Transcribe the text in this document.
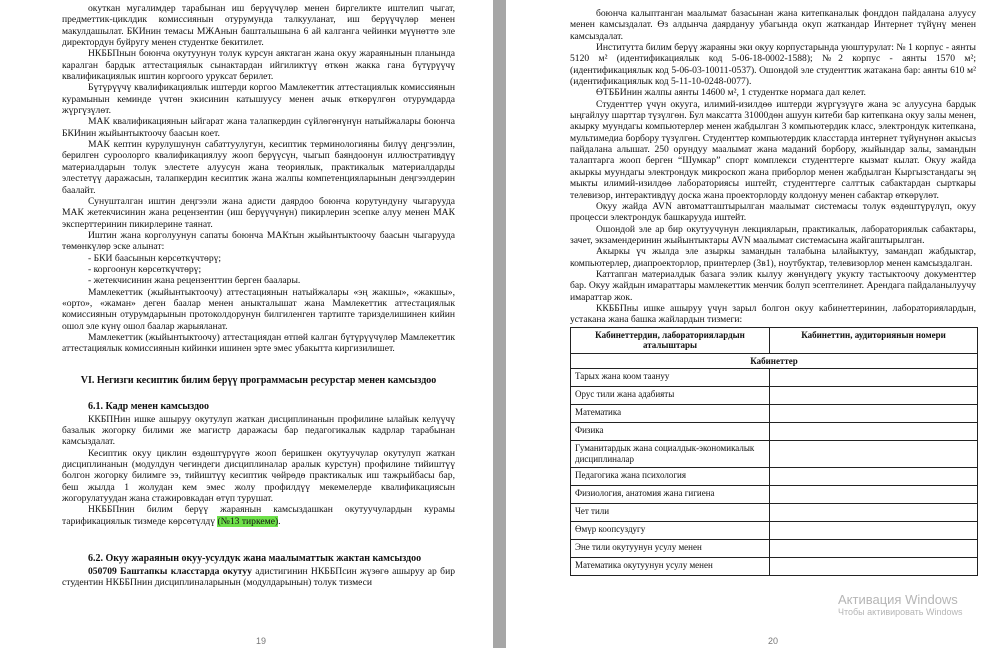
окуткан мугалимдер тарабынан иш берүүчүлөр менен биргеликте иштелип чыгат, предметтик-циклдик комиссиянын отурумунда талкууланат, иш берүүчүлөр менен макулдашылат. БКИнин темасы МЖАнын башталышына 6 ай калганга чейинки мүүнөттө эле директордун буйругу менен студентке бекитилет.

НКББПнын боюнча окутуунун толук курсун аяктаган жана окуу жараянынын планында каралган бардык аттестациялык сынактардан ийгиликтүү өткөн жакка гана бүтүрүүчү квалификациялык иштин коргоого уруксат берилет.

Бүтүрүүчү квалификациялык иштерди коргоо Мамлекеттик аттестациялык комиссиянын курамынын кеминде үчтөн экисинин катышуусу менен ачык өткөрүлгөн отурумдарда жүргүзүлөт.

МАК квалификациянын ыйгарат жана талапкердин сүйлөгөнүнүн натыйжалары боюнча БКИнин жыйынтыктоочу баасын коет.

МАК кептин курулушунун сабаттуулугун, кесиптик терминологияны билүү деңгээлин, берилген суроолорго квалификациялуу жооп берүүсүн, чыгып баяндоонун иллюстративдүү материалдарын толук элестете алуусун жана теориялык, практикалык материалдарды элестетүү даражасын, талапкердин кесиптик жана жалпы компетенцияларынын деңгээлдерин баалайт.

Сунушталган иштин деңгээли жана адисти даярдоо боюнча корутундуну чыгарууда МАК жетекчисинин жана рецензентин (иш берүүчүнүн) пикирлерин эсепке алуу менен МАК эксперттеринин пикирлерине таянат.

Иштин жана корголуунун сапаты боюнча МАКтын жыйынтыктоочу баасын чыгарууда төмөнкүлөр эске алынат:

- БКИ баасынын көрсөткүчтөрү;
- коргоонун көрсөткүчтөрү;
- жетекчисинин жана рецензенттин берген баалары.

Мамлекеттик (жыйынтыктоочу) аттестациянын натыйжалары «эң жакшы», «жакшы», «орто», «жаман» деген баалар менен аныкталышат жана Мамлекеттик аттестациялык комиссиянын отурумдарынын протоколдорунун билгиленген тартипте таризделишинен кийин ошол эле күнү ошол баалар жарыяланат.

Мамлекеттик (жыйынтыктоочу) аттестациядан өтпөй калган бүтүрүүчүлөр Мамлекеттик аттестациялык комиссиянын кийинки ишинен эрте эмес убакытта киргизилишет.

VI. Негизги кесиптик билим берүү программасын ресурстар менен камсыздоо
6.1. Кадр менен камсыздоо

ККБПНин ишке ашыруу окутулуп жаткан дисциплинанын профилине ылайык келүүчү базалык жогорку билими же магистр даражасы бар педагогикалык кадрлар тарабынан камсыздалат.

Кесиптик окуу циклин өздөштүрүүгө жооп беришкен окутуучулар окутулуп жаткан дисциплинанын (модулдун чегиндеги дисциплиналар аралык курстун) профилине тийиштүү болгон жогорку билимге ээ, тийиштүү кесиптик чөйрөдө практикалык иш тажрыйбасы бар, беш жылда 1 жолудан кем эмес жолу профилдүү мекемелерде квалификациясын жогорулатуудан жана стажировкадан өтүп турушат.

НКББПнин билим берүү жараянын камсыздашкан окутуучулардын курамы тарификациялык тизмеде көрсөтүлдү (№13 тиркеме).

6.2. Окуу жараянын окуу-усулдук жана маалыматтык жактан камсыздоо

050709 Баштапкы класстарда окутуу адистигинин НКББПсин жүзөгө ашыруу ар бир студентин НКББПнин дисциплиналарынын (модулдарынын) толук тизмеси

19

боюнча калыптанган маалымат базасынан жана китепканалык фонддон пайдалана алуусу менен камсыздалат. Өз алдынча даярдануу убагында окуп жаткандар Интернет түйүнү менен камсыздалат.

Институтта билим берүү жараяны эки окуу корпустарында уюштурулат: № 1 корпус - аянты 5120 м² (идентификациялык код 5-06-18-0002-1588); №2 корпус - аянты 1570 м²; (идентификациялык код 5-06-03-10011-0537). Ошондой эле студенттик жатакана бар: аянты 610 м² (идентификациялык код 5-11-10-0248-0077).

ӨТББИнин жалпы аянты 14600 м², 1 студентке нормага дал келет.

Студенттер үчүн окууга, илимий-изилдөө иштерди жүргүзүүгө жана эс алуусуна бардык ыңгайлуу шарттар түзүлгөн. Бул максатта 31000дөн ашуун китеби бар китепкана окуу залы менен, акырку муундагы компьютерлер менен жабдылган 3 компьютердик класс, электрондук китепкана, мультимедиа борбору түзүлгөн. Студенттер компьютердик класстарда интернет түйүнүнөн акысыз пайдалана алышат. 250 орундуу маалымат жана маданий борбору, жыйындар залы, замандын талаптарга жооп берген “Шумкар” спорт комплекси студенттерге кызмат кылат. Окуу жайда акыркы муундагы электрондук микроскоп жана приборлор менен жабдылган Кыргызстандагы эң мыкты илимий-изилдөө лабораториясы иштейт, студенттерге салттык сабактардан сырткары телевизор, интерактивдүү доска жана проекторлорду колдонуу менен сабактар өткөрүлөт.

Окуу жайда AVN автоматташтырылган маалымат системасы толук өздөштүрүлүп, окуу процесси электрондук башкарууда иштейт.

Ошондой эле ар бир окутуучунун лекцияларын, практикалык, лабораториялык сабактары, зачет, экзамендеринин жыйынтыктары AVN маалымат системасына жайгаштырылган.

Акыркы үч жылда эле азыркы замандын талабына ылайыктуу, замандап жабдыктар, компьютерлер, диапроекторлор, принтерлер (3в1), ноутбуктар, телевизорлор менен камсыздалган.

Каттапган материалдык базага ээлик кылуу жөнүндөгү укукту тастыктоочу документтер бар. Окуу жайдын имараттары мамлекеттик менчик болуп эсептелинет. Арендага пайдаланылуучу имараттар жок.

ККББПны ишке ашыруу үчүн зарыл болгон окуу кабинеттеринин, лабораториялардын, устакана жана башка жайлардын тизмеги:

Кабинеттердин, лабораториялардын аталыштары	Кабинеттин, аудиториянын номери
Кабинеттер	
Тарых жана коом таануу	
Орус тили жана адабияты	
Математика	
Физика	
Гуманитардык жана социалдык-экономикалык дисциплиналар	
Педагогика жана психология	
Физиология, анатомия жана гигиена	
Чет тили	
Өмүр коопсуздугу	
Эне тили окутуунун усулу менен	
Математика окутуунун усулу менен	
20
Активация Windows
Чтобы активировать Windows
